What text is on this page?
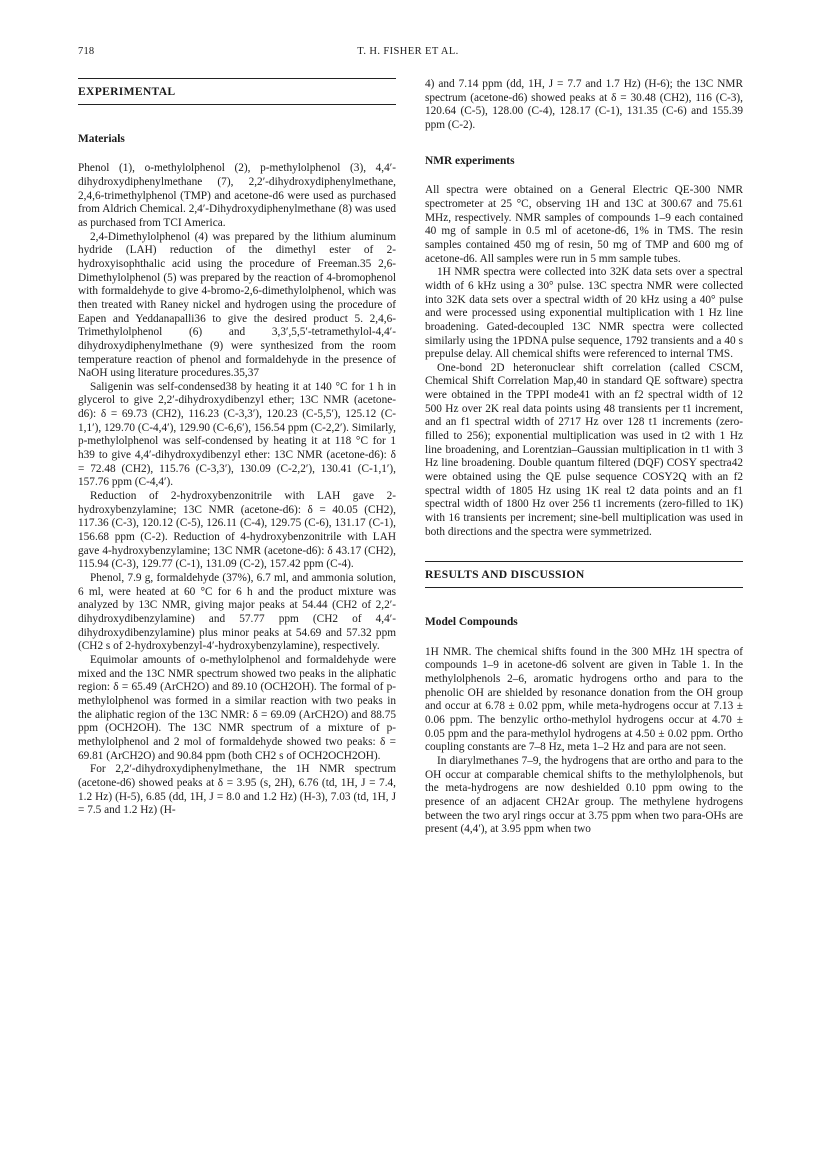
718	T. H. FISHER ET AL.
EXPERIMENTAL
Materials

Phenol (1), o-methylolphenol (2), p-methylolphenol (3), 4,4′-dihydroxydiphenylmethane (7), 2,2′-dihydroxydiphenylmethane, 2,4,6-trimethylphenol (TMP) and acetone-d6 were used as purchased from Aldrich Chemical. 2,4′-Dihydroxydiphenylmethane (8) was used as purchased from TCI America.

2,4-Dimethylolphenol (4) was prepared by the lithium aluminum hydride (LAH) reduction of the dimethyl ester of 2-hydroxyisophthalic acid using the procedure of Freeman.35 2,6-Dimethylolphenol (5) was prepared by the reaction of 4-bromophenol with formaldehyde to give 4-bromo-2,6-dimethylolphenol, which was then treated with Raney nickel and hydrogen using the procedure of Eapen and Yeddanapalli36 to give the desired product 5. 2,4,6-Trimethylolphenol (6) and 3,3′,5,5′-tetramethylol-4,4′-dihydroxydiphenylmethane (9) were synthesized from the room temperature reaction of phenol and formaldehyde in the presence of NaOH using literature procedures.35,37

Saligenin was self-condensed38 by heating it at 140 °C for 1 h in glycerol to give 2,2′-dihydroxydibenzyl ether; 13C NMR (acetone-d6): δ = 69.73 (CH2), 116.23 (C-3,3′), 120.23 (C-5,5′), 125.12 (C-1,1′), 129.70 (C-4,4′), 129.90 (C-6,6′), 156.54 ppm (C-2,2′). Similarly, p-methylolphenol was self-condensed by heating it at 118 °C for 1 h39 to give 4,4′-dihydroxydibenzyl ether: 13C NMR (acetone-d6): δ = 72.48 (CH2), 115.76 (C-3,3′), 130.09 (C-2,2′), 130.41 (C-1,1′), 157.76 ppm (C-4,4′).

Reduction of 2-hydroxybenzonitrile with LAH gave 2-hydroxybenzylamine; 13C NMR (acetone-d6): δ = 40.05 (CH2), 117.36 (C-3), 120.12 (C-5), 126.11 (C-4), 129.75 (C-6), 131.17 (C-1), 156.68 ppm (C-2). Reduction of 4-hydroxybenzonitrile with LAH gave 4-hydroxybenzylamine; 13C NMR (acetone-d6): δ 43.17 (CH2), 115.94 (C-3), 129.77 (C-1), 131.09 (C-2), 157.42 ppm (C-4).

Phenol, 7.9 g, formaldehyde (37%), 6.7 ml, and ammonia solution, 6 ml, were heated at 60 °C for 6 h and the product mixture was analyzed by 13C NMR, giving major peaks at 54.44 (CH2 of 2,2′-dihydroxydibenzylamine) and 57.77 ppm (CH2 of 4,4′-dihydroxydibenzylamine) plus minor peaks at 54.69 and 57.32 ppm (CH2 s of 2-hydroxybenzyl-4′-hydroxybenzylamine), respectively.

Equimolar amounts of o-methylolphenol and formaldehyde were mixed and the 13C NMR spectrum showed two peaks in the aliphatic region: δ = 65.49 (ArCH2O) and 89.10 (OCH2OH). The formal of p-methylolphenol was formed in a similar reaction with two peaks in the aliphatic region of the 13C NMR: δ = 69.09 (ArCH2O) and 88.75 ppm (OCH2OH). The 13C NMR spectrum of a mixture of p-methylolphenol and 2 mol of formaldehyde showed two peaks: δ = 69.81 (ArCH2O) and 90.84 ppm (both CH2 s of OCH2OCH2OH).

For 2,2′-dihydroxydiphenylmethane, the 1H NMR spectrum (acetone-d6) showed peaks at δ = 3.95 (s, 2H), 6.76 (td, 1H, J = 7.4, 1.2 Hz) (H-5), 6.85 (dd, 1H, J = 8.0 and 1.2 Hz) (H-3), 7.03 (td, 1H, J = 7.5 and 1.2 Hz) (H-

4) and 7.14 ppm (dd, 1H, J = 7.7 and 1.7 Hz) (H-6); the 13C NMR spectrum (acetone-d6) showed peaks at δ = 30.48 (CH2), 116 (C-3), 120.64 (C-5), 128.00 (C-4), 128.17 (C-1), 131.35 (C-6) and 155.39 ppm (C-2).

NMR experiments

All spectra were obtained on a General Electric QE-300 NMR spectrometer at 25 °C, observing 1H and 13C at 300.67 and 75.61 MHz, respectively. NMR samples of compounds 1–9 each contained 40 mg of sample in 0.5 ml of acetone-d6, 1% in TMS. The resin samples contained 450 mg of resin, 50 mg of TMP and 600 mg of acetone-d6. All samples were run in 5 mm sample tubes.

1H NMR spectra were collected into 32K data sets over a spectral width of 6 kHz using a 30° pulse. 13C spectra NMR were collected into 32K data sets over a spectral width of 20 kHz using a 40° pulse and were processed using exponential multiplication with 1 Hz line broadening. Gated-decoupled 13C NMR spectra were collected similarly using the 1PDNA pulse sequence, 1792 transients and a 40 s prepulse delay. All chemical shifts were referenced to internal TMS.

One-bond 2D heteronuclear shift correlation (called CSCM, Chemical Shift Correlation Map,40 in standard QE software) spectra were obtained in the TPPI mode41 with an f2 spectral width of 12 500 Hz over 2K real data points using 48 transients per t1 increment, and an f1 spectral width of 2717 Hz over 128 t1 increments (zero-filled to 256); exponential multiplication was used in t2 with 1 Hz line broadening, and Lorentzian–Gaussian multiplication in t1 with 3 Hz line broadening. Double quantum filtered (DQF) COSY spectra42 were obtained using the QE pulse sequence COSY2Q with an f2 spectral width of 1805 Hz using 1K real t2 data points and an f1 spectral width of 1800 Hz over 256 t1 increments (zero-filled to 1K) with 16 transients per increment; sine-bell multiplication was used in both directions and the spectra were symmetrized.

RESULTS AND DISCUSSION
Model Compounds

1H NMR. The chemical shifts found in the 300 MHz 1H spectra of compounds 1–9 in acetone-d6 solvent are given in Table 1. In the methylolphenols 2–6, aromatic hydrogens ortho and para to the phenolic OH are shielded by resonance donation from the OH group and occur at 6.78 ± 0.02 ppm, while meta-hydrogens occur at 7.13 ± 0.06 ppm. The benzylic ortho-methylol hydrogens occur at 4.70 ± 0.05 ppm and the para-methylol hydrogens at 4.50 ± 0.02 ppm. Ortho coupling constants are 7–8 Hz, meta 1–2 Hz and para are not seen.

In diarylmethanes 7–9, the hydrogens that are ortho and para to the OH occur at comparable chemical shifts to the methylolphenols, but the meta-hydrogens are now deshielded 0.10 ppm owing to the presence of an adjacent CH2Ar group. The methylene hydrogens between the two aryl rings occur at 3.75 ppm when two para-OHs are present (4,4′), at 3.95 ppm when two
